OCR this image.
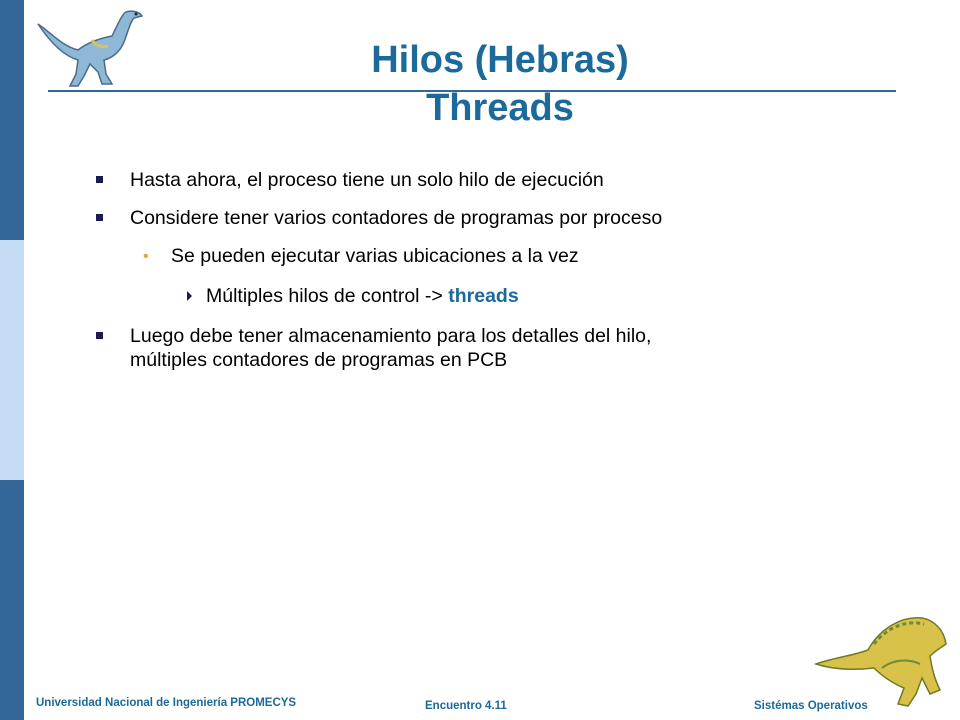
Hilos (Hebras)
Threads
Hasta ahora, el proceso tiene un solo hilo de ejecución
Considere tener varios contadores de programas por proceso
• Se pueden ejecutar varias ubicaciones a la vez
Múltiples hilos de control -> threads
Luego debe tener almacenamiento para los detalles del hilo,
múltiples contadores de programas en PCB
Universidad Nacional de Ingeniería PROMECYS	Encuentro 4.11	Sistémas Operativos
